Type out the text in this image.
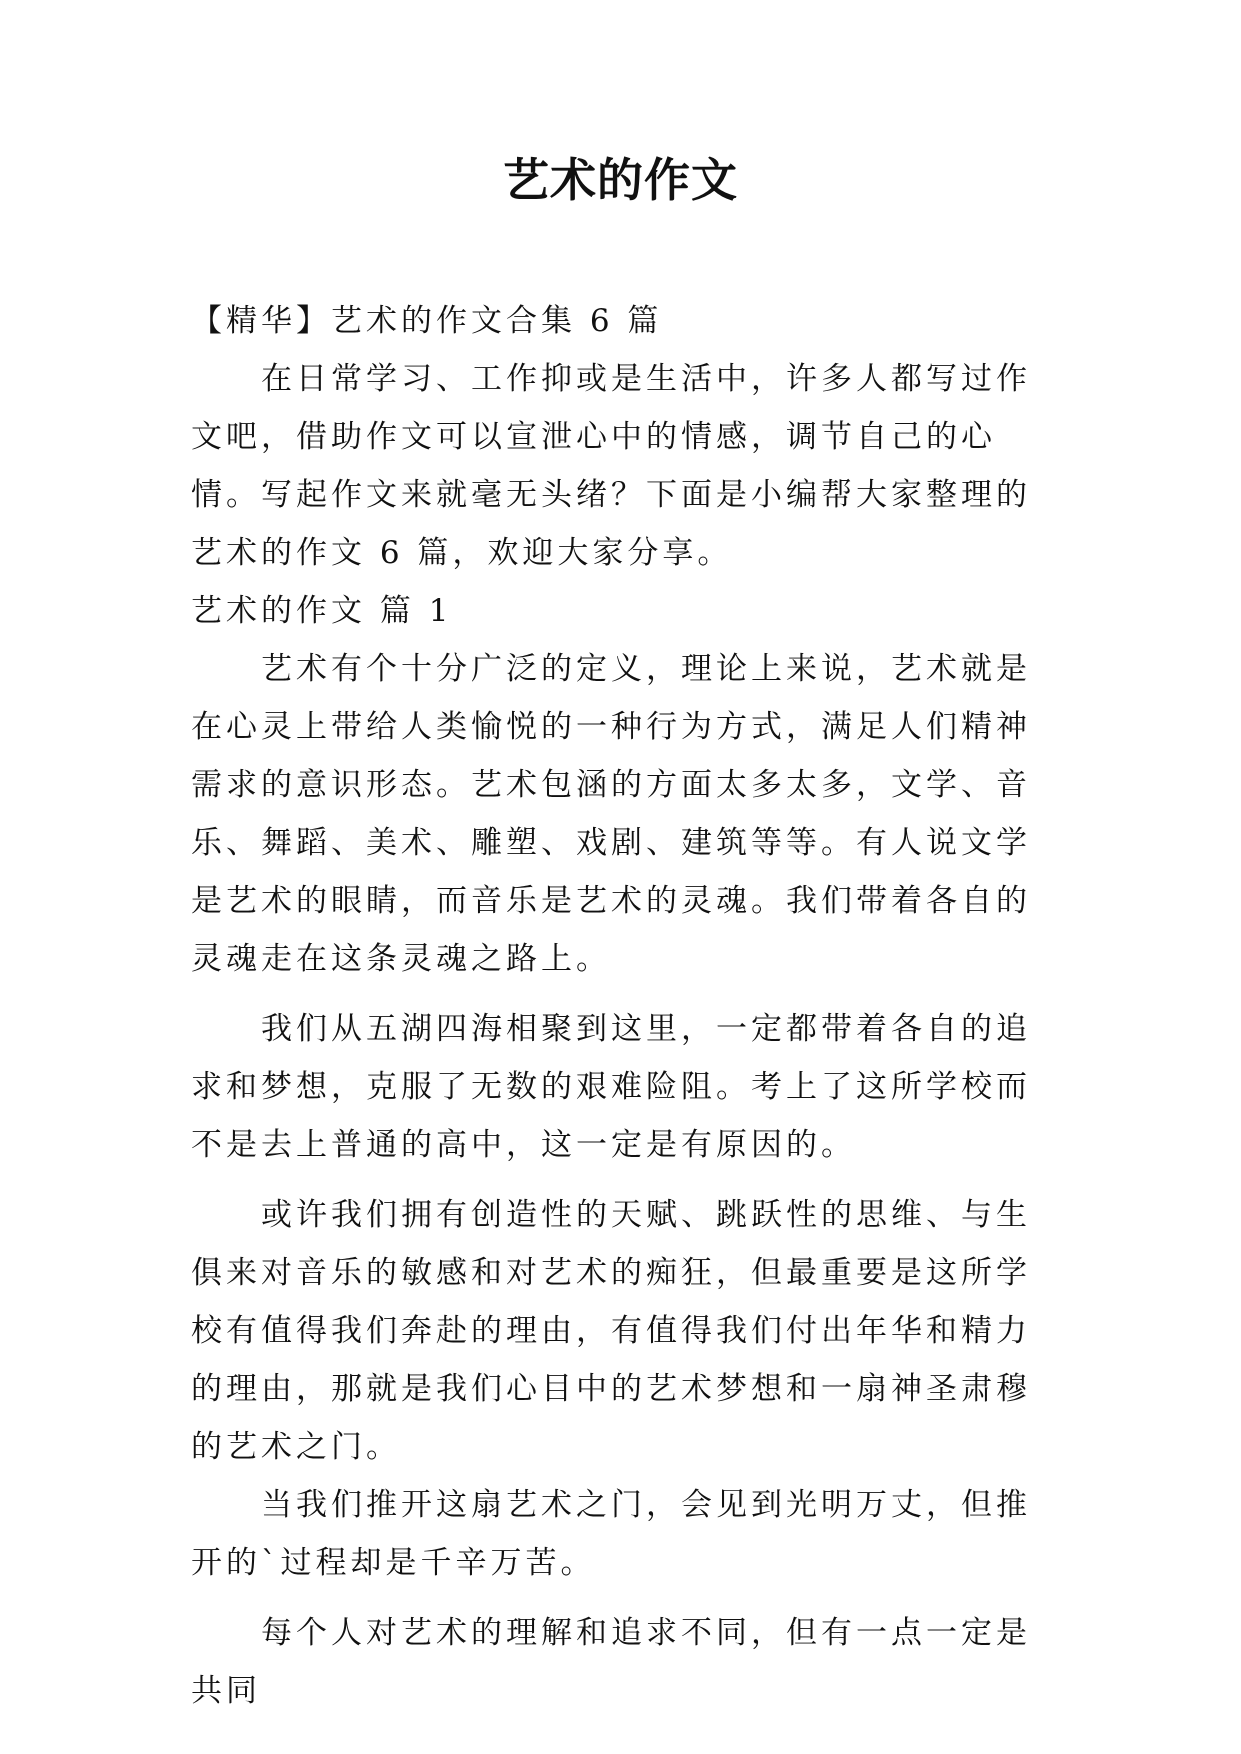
艺术的作文

【精华】艺术的作文合集 6 篇

在日常学习、工作抑或是生活中，许多人都写过作文吧，借助作文可以宣泄心中的情感，调节自己的心情。写起作文来就毫无头绪？下面是小编帮大家整理的艺术的作文 6 篇，欢迎大家分享。

艺术的作文 篇 1

艺术有个十分广泛的定义，理论上来说，艺术就是在心灵上带给人类愉悦的一种行为方式，满足人们精神需求的意识形态。艺术包涵的方面太多太多，文学、音乐、舞蹈、美术、雕塑、戏剧、建筑等等。有人说文学是艺术的眼睛，而音乐是艺术的灵魂。我们带着各自的灵魂走在这条灵魂之路上。

我们从五湖四海相聚到这里，一定都带着各自的追求和梦想，克服了无数的艰难险阻。考上了这所学校而不是去上普通的高中，这一定是有原因的。

或许我们拥有创造性的天赋、跳跃性的思维、与生俱来对音乐的敏感和对艺术的痴狂，但最重要是这所学校有值得我们奔赴的理由，有值得我们付出年华和精力的理由，那就是我们心目中的艺术梦想和一扇神圣肃穆的艺术之门。

当我们推开这扇艺术之门，会见到光明万丈，但推开的`过程却是千辛万苦。

每个人对艺术的理解和追求不同，但有一点一定是共同
